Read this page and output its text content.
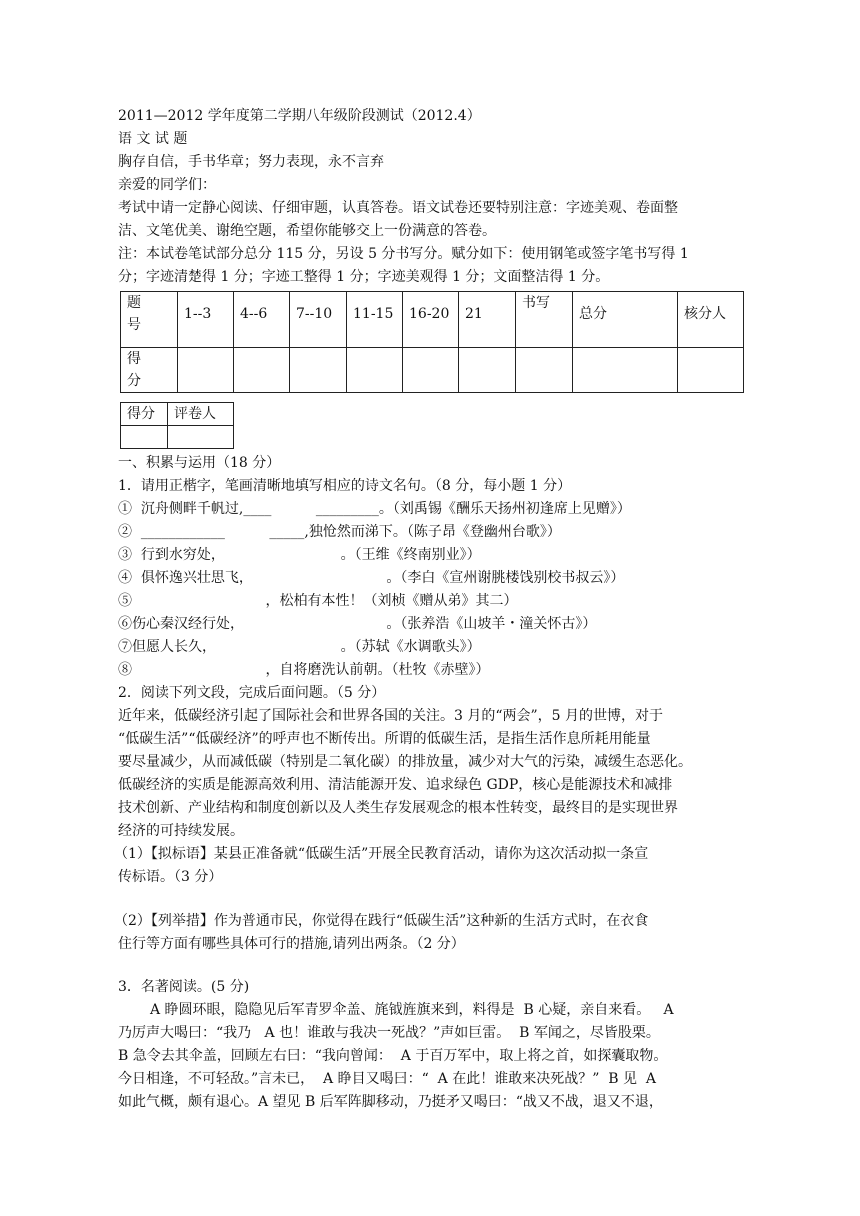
2011—2012 学年度第二学期八年级阶段测试（2012.4）
语 文 试 题
胸存自信，手书华章；努力表现，永不言弃
亲爱的同学们：
考试中请一定静心阅读、仔细审题，认真答卷。语文试卷还要特别注意：字迹美观、卷面整
洁、文笔优美、谢绝空题，希望你能够交上一份满意的答卷。
注：本试卷笔试部分总分 115 分，另设 5 分书写分。赋分如下：使用钢笔或签字笔书写得 1
分；字迹清楚得 1 分；字迹工整得 1 分；字迹美观得 1 分；文面整洁得 1 分。
题
号	1--3	4--6	7--10	11-15	16-20	21	书写	总分	核分人

得
分									

得分	评卷人

一、积累与运用（18 分）
1．请用正楷字，笔画清晰地填写相应的诗文名句。（8 分，每小题 1 分）
①  沉舟侧畔千帆过,____          _________。（刘禹锡《酬乐天扬州初逢席上见赠》）
②  ____________          _____,独怆然而涕下。（陈子昂《登幽州台歌》）
③  行到水穷处，                          。（王维《终南别业》）
④  俱怀逸兴壮思飞，                              。（李白《宣州谢朓楼饯别校书叔云》）
⑤                              ，松柏有本性！（刘桢《赠从弟》其二）
⑥伤心秦汉经行处，                                。（张养浩《山坡羊・潼关怀古》）
⑦但愿人长久，                            。（苏轼《水调歌头》）
⑧                              ，自将磨洗认前朝。（杜牧《赤壁》）
2．阅读下列文段，完成后面问题。（5 分）
近年来，低碳经济引起了国际社会和世界各国的关注。3 月的“两会”，5 月的世博，对于
“低碳生活”“低碳经济”的呼声也不断传出。所谓的低碳生活，是指生活作息所耗用能量
要尽量减少，从而减低碳（特别是二氧化碳）的排放量，减少对大气的污染，减缓生态恶化。
低碳经济的实质是能源高效利用、清洁能源开发、追求绿色 GDP，核心是能源技术和减排
技术创新、产业结构和制度创新以及人类生存发展观念的根本性转变，最终目的是实现世界
经济的可持续发展。
（1）【拟标语】某县正准备就“低碳生活”开展全民教育活动，请你为这次活动拟一条宣
传标语。（3 分）
（2）【列举措】作为普通市民，你觉得在践行“低碳生活”这种新的生活方式时，在衣食
住行等方面有哪些具体可行的措施,请列出两条。（2 分）
3．名著阅读。(5 分)
A 睁圆环眼，隐隐见后军青罗伞盖、旄钺旌旗来到，料得是  B 心疑，亲自来看。   A
乃厉声大喝曰：“我乃   A 也！谁敢与我决一死战？”声如巨雷。  B 军闻之，尽皆股栗。
B 急令去其伞盖，回顾左右曰：“我向曾闻：  A 于百万军中，取上将之首，如探囊取物。
今日相逢，不可轻敌。”言未已，  A 睁目又喝曰：“  A 在此！谁敢来决死战？”  B 见  A
如此气概，颇有退心。A 望见 B 后军阵脚移动，乃挺矛又喝曰：“战又不战，退又不退，
